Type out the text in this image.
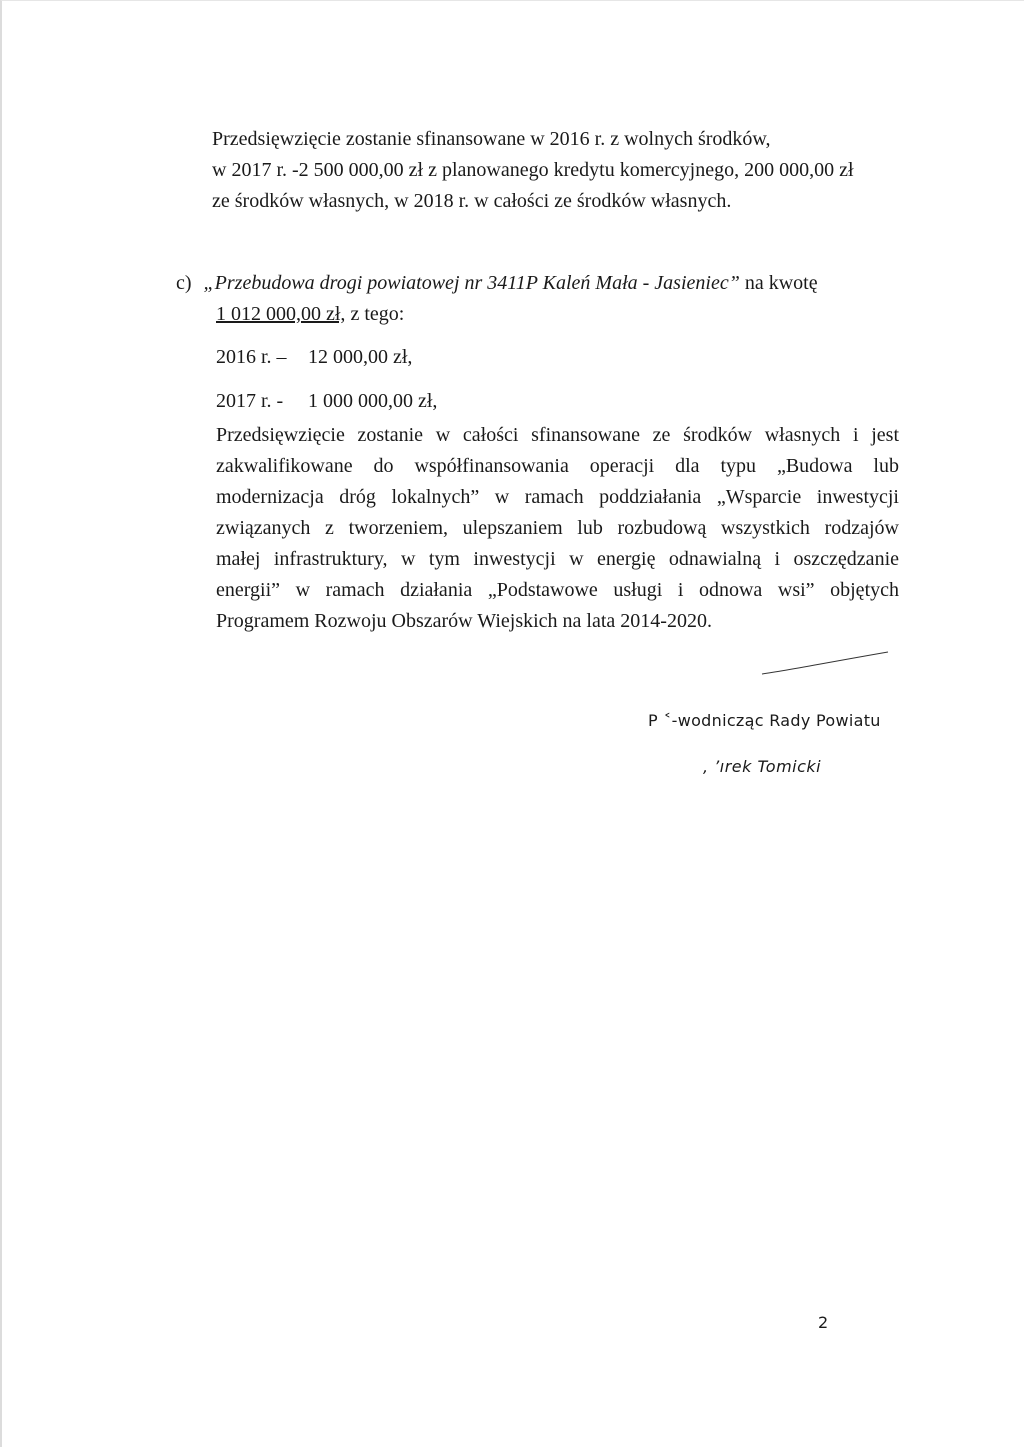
Przedsięwzięcie zostanie sfinansowane w 2016 r. z wolnych środków,
w 2017 r. -2 500 000,00 zł z planowanego kredytu komercyjnego, 200 000,00 zł
ze środków własnych, w 2018 r. w całości ze środków własnych.
c) „Przebudowa drogi powiatowej nr 3411P Kaleń Mała - Jasieniec” na kwotę
1 012 000,00 zł, z tego:
2016 r. – 12 000,00 zł,
2017 r. - 1 000 000,00 zł,
Przedsięwzięcie zostanie w całości sfinansowane ze środków własnych i jest
zakwalifikowane do współfinansowania operacji dla typu „Budowa lub
modernizacja dróg lokalnych” w ramach poddziałania „Wsparcie inwestycji
związanych z tworzeniem, ulepszaniem lub rozbudową wszystkich rodzajów
małej infrastruktury, w tym inwestycji w energię odnawialną i oszczędzanie
energii” w ramach działania „Podstawowe usługi i odnowa wsi” objętych
Programem Rozwoju Obszarów Wiejskich na lata 2014-2020.
P ˂-wodnicząc Rady Powiatu
, ’ırek Tomicki
2
